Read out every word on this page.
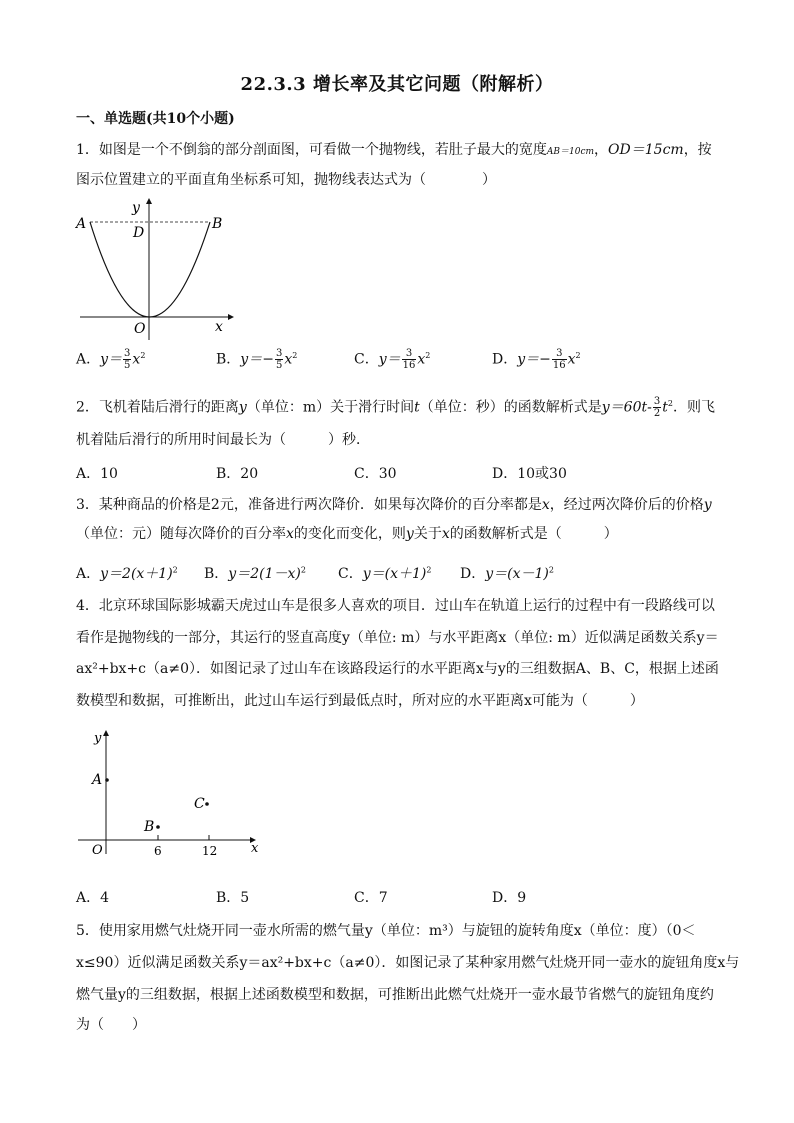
22.3.3 增长率及其它问题（附解析）
一、单选题(共10个小题)
1．如图是一个不倒翁的部分剖面图，可看做一个抛物线，若肚子最大的宽度AB＝10cm，OD＝15cm，按
图示位置建立的平面直角坐标系可知，抛物线表达式为（　　　　）
A	B
D
O	x
y
A．$y= \frac{3}{5} x^2$	B．$y=- \frac{3}{5} x^2$	C．$y= \frac{3}{16} x^2$	D．$y=- \frac{3}{16} x^2$
2．飞机着陆后滑行的距离y（单位：m）关于滑行时间t（单位：秒）的函数解析式是$y=60t- \frac{3}{2} t^2$．则飞
机着陆后滑行的所用时间最长为（　　　）秒．
A．10	B．20	C．30	D．10或30
3．某种商品的价格是2元，准备进行两次降价．如果每次降价的百分率都是x，经过两次降价后的价格y
（单位：元）随每次降价的百分率x的变化而变化，则y关于x的函数解析式是（　　　）
A．$y=2(x+1)^2$ B．$y=2(1-x)^2$ C．$y=(x+1)^2$ D．$y=(x-1)^2$
4．北京环球国际影城霸天虎过山车是很多人喜欢的项目．过山车在轨道上运行的过程中有一段路线可以
看作是抛物线的一部分，其运行的竖直高度y（单位: m）与水平距离x（单位: m）近似满足函数关系y＝
ax²+bx+c（a≠0）．如图记录了过山车在该路段运行的水平距离x与y的三组数据A、B、C，根据上述函
数模型和数据，可推断出，此过山车运行到最低点时，所对应的水平距离x可能为（　　　）
A
B
C
O	x
y
6	12
A．4	B．5	C．7	D．9
5．使用家用燃气灶烧开同一壶水所需的燃气量y（单位：m³）与旋钮的旋转角度x（单位：度）（0＜
x≤90）近似满足函数关系y＝ax²+bx+c（a≠0）．如图记录了某种家用燃气灶烧开同一壶水的旋钮角度x与
燃气量y的三组数据，根据上述函数模型和数据，可推断出此燃气灶烧开一壶水最节省燃气的旋钮角度约
为（　　）
